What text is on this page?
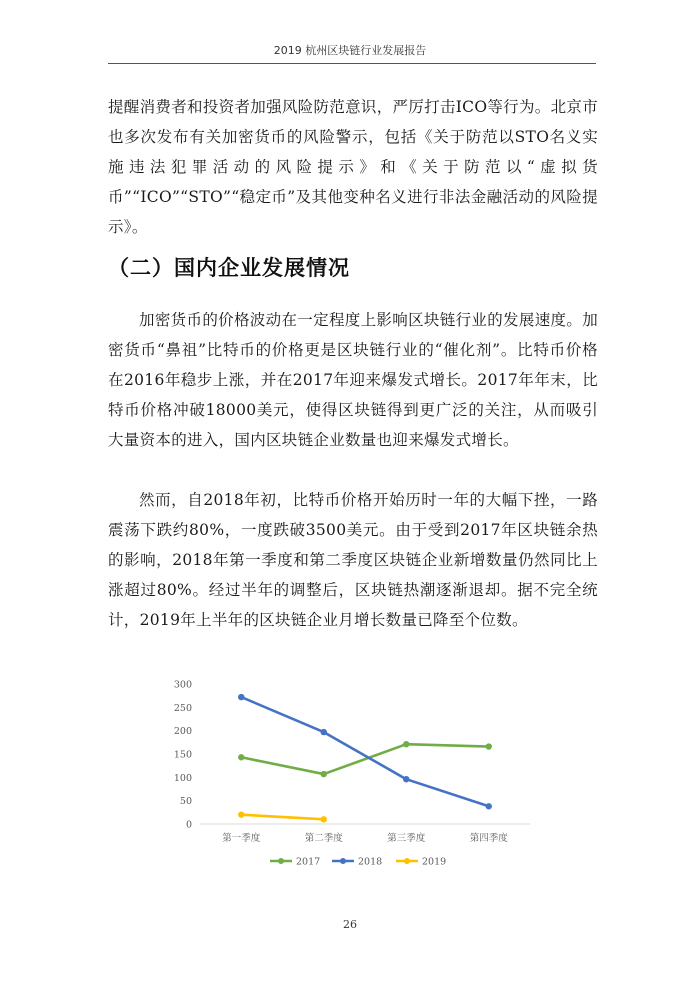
2019 杭州区块链行业发展报告
提醒消费者和投资者加强风险防范意识，严厉打击ICO等行为。北京市也多次发布有关加密货币的风险警示，包括《关于防范以STO名义实施违法犯罪活动的风险提示》和《关于防范以“虚拟货币”“ICO”“STO”“稳定币”及其他变种名义进行非法金融活动的风险提示》。
（二）国内企业发展情况
加密货币的价格波动在一定程度上影响区块链行业的发展速度。加密货币“鼻祖”比特币的价格更是区块链行业的“催化剂”。比特币价格在2016年稳步上涨，并在2017年迎来爆发式增长。2017年年末，比特币价格冲破18000美元，使得区块链得到更广泛的关注，从而吸引大量资本的进入，国内区块链企业数量也迎来爆发式增长。
然而，自2018年初，比特币价格开始历时一年的大幅下挫，一路震荡下跌约80%，一度跌破3500美元。由于受到2017年区块链余热的影响，2018年第一季度和第二季度区块链企业新增数量仍然同比上涨超过80%。经过半年的调整后，区块链热潮逐渐退却。据不完全统计，2019年上半年的区块链企业月增长数量已降至个位数。
0
50
100
150
200
250
300
第一季度	第二季度	第三季度	第四季度
2017	2018	2019
26
